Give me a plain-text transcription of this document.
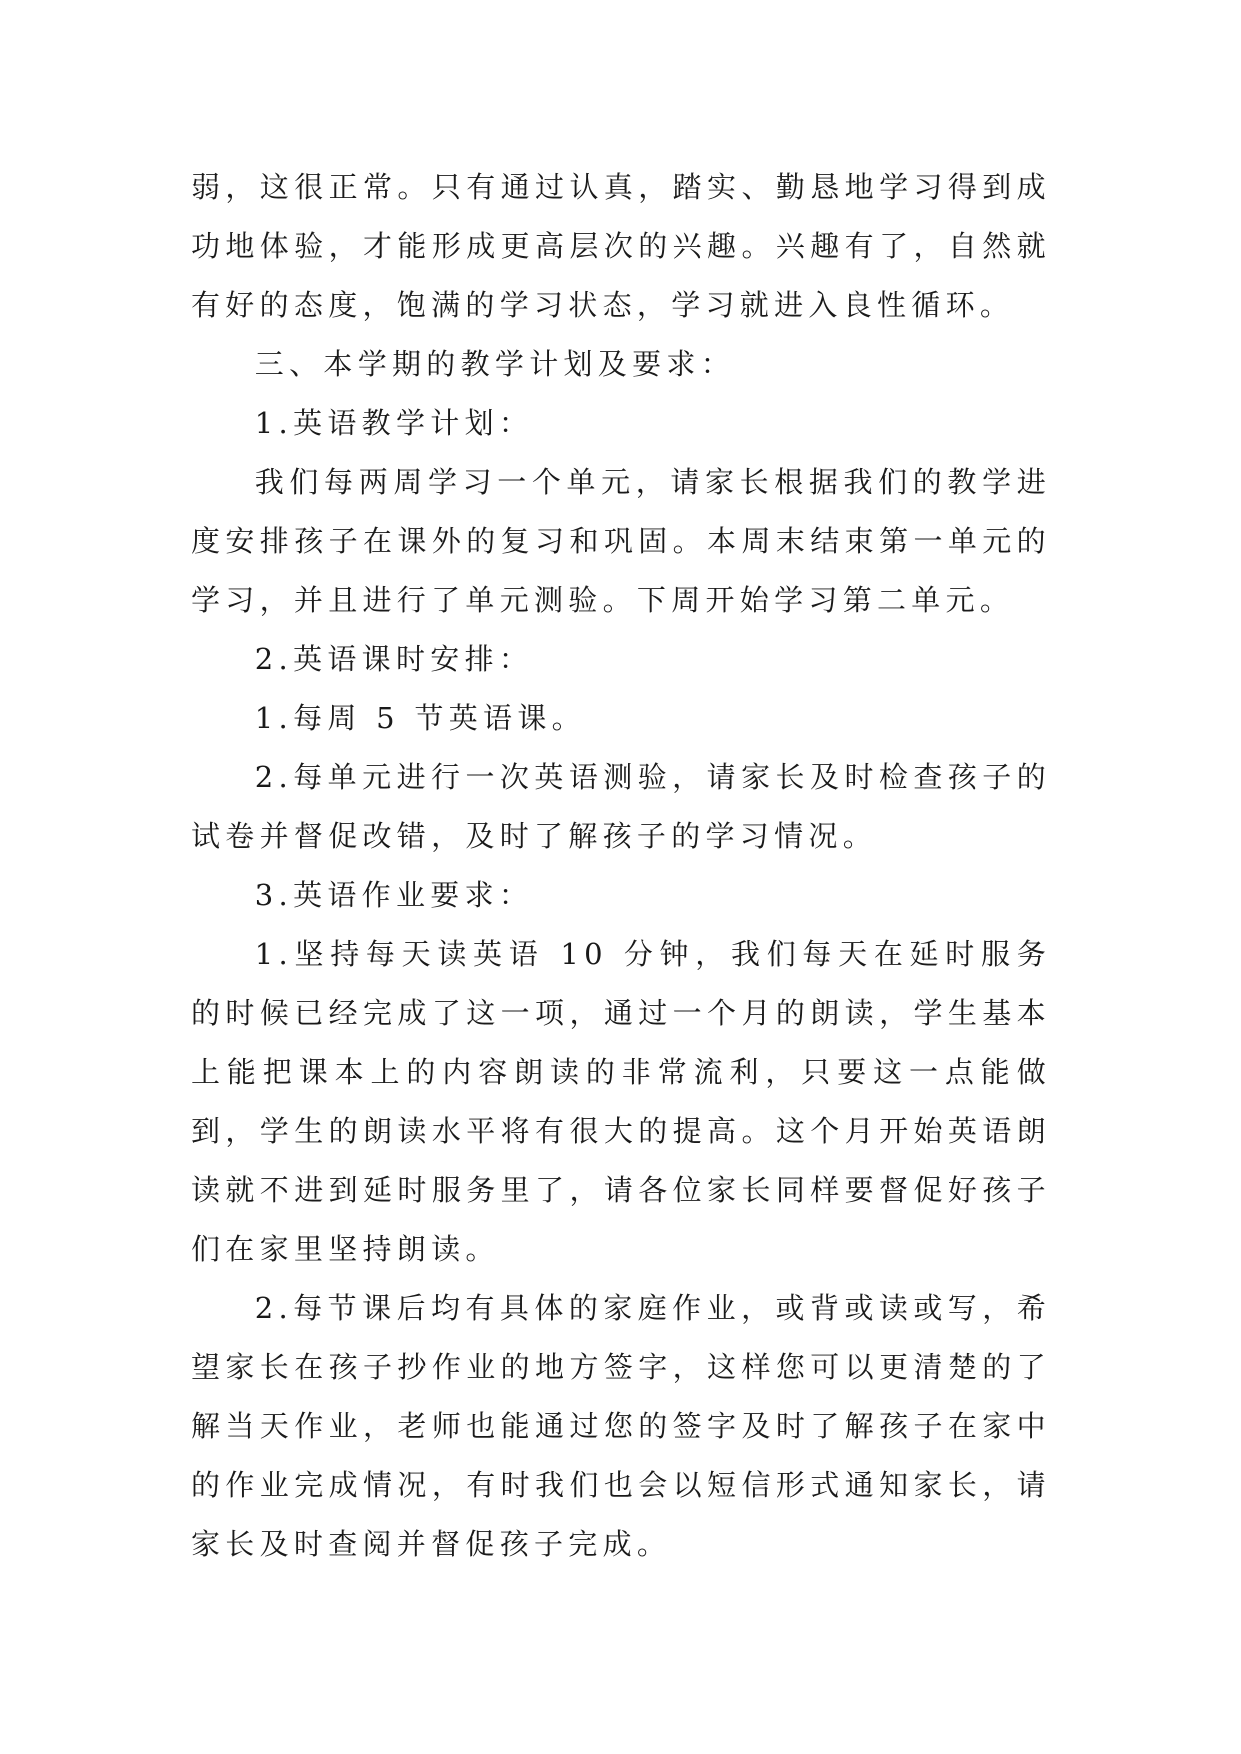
弱，这很正常。只有通过认真，踏实、勤恳地学习得到成功地体验，才能形成更高层次的兴趣。兴趣有了，自然就有好的态度，饱满的学习状态，学习就进入良性循环。

三、本学期的教学计划及要求：

1.英语教学计划：

我们每两周学习一个单元，请家长根据我们的教学进度安排孩子在课外的复习和巩固。本周末结束第一单元的学习，并且进行了单元测验。下周开始学习第二单元。

2.英语课时安排：

1.每周 5 节英语课。

2.每单元进行一次英语测验，请家长及时检查孩子的试卷并督促改错，及时了解孩子的学习情况。

3.英语作业要求：

1.坚持每天读英语 10 分钟，我们每天在延时服务的时候已经完成了这一项，通过一个月的朗读，学生基本上能把课本上的内容朗读的非常流利，只要这一点能做到，学生的朗读水平将有很大的提高。这个月开始英语朗读就不进到延时服务里了，请各位家长同样要督促好孩子们在家里坚持朗读。

2.每节课后均有具体的家庭作业，或背或读或写，希望家长在孩子抄作业的地方签字，这样您可以更清楚的了解当天作业，老师也能通过您的签字及时了解孩子在家中的作业完成情况，有时我们也会以短信形式通知家长，请家长及时查阅并督促孩子完成。
